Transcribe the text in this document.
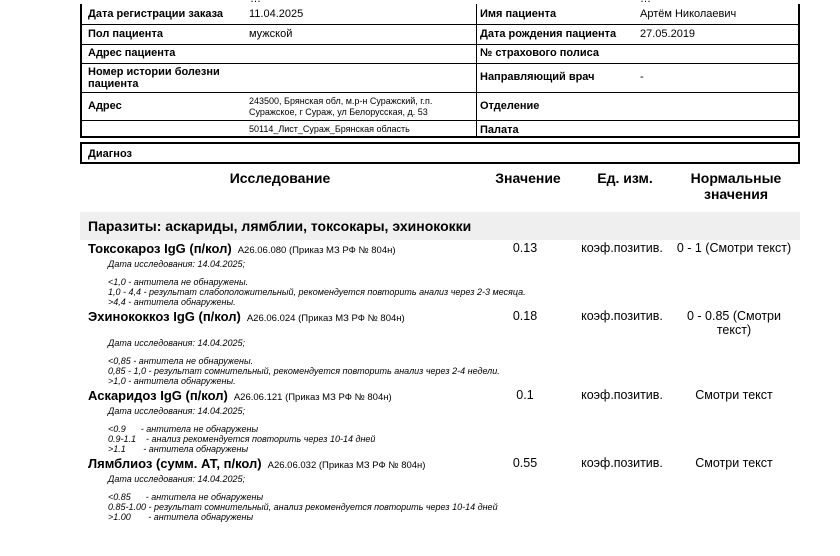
Дата регистрации заказа 11.04.2025	Имя пациента	Артём Николаевич
Пол пациента	мужской	Дата рождения пациента 27.05.2019
Адрес пациента	№ страхового полиса
Номер истории болезни
пациента
Направляющий врач	-
Адрес	243500, Брянская обл, м.р-н Суражский, г.п.
Суражское, г Сураж, ул Белорусская, д. 53	Отделение
50114_Лист_Сураж_Брянская область	Палата
Диагноз
Исследование	Значение	Ед. изм.	Нормальные
значения
Паразиты: аскариды, лямблии, токсокары, эхинококки
Токсокароз IgG (п/кол) A26.06.080 (Приказ МЗ РФ № 804н)	0.13	коэф.позитив.	0 - 1 (Смотри текст)
Дата исследования: 14.04.2025;
<1,0 - антитела не обнаружены.
1,0 - 4,4 - результат слабоположительный, рекомендуется повторить анализ через 2-3 месяца.
>4,4 - антитела обнаружены.
Эхинококкоз IgG (п/кол) A26.06.024 (Приказ МЗ РФ № 804н)	0.18	коэф.позитив.	0 - 0.85 (Смотри
текст)
Дата исследования: 14.04.2025;
<0,85 - антитела не обнаружены.
0,85 - 1,0 - результат сомнительный, рекомендуется повторить анализ через 2-4 недели.
>1,0 - антитела обнаружены.
Аскаридоз IgG (п/кол) A26.06.121 (Приказ МЗ РФ № 804н)	0.1	коэф.позитив.	Смотри текст
Дата исследования: 14.04.2025;
<0.9      - антитела не обнаружены
0.9-1.1    - анализ рекомендуется повторить через 10-14 дней
>1.1       - антитела обнаружены
Лямблиоз (сумм. АТ, п/кол) A26.06.032 (Приказ МЗ РФ № 804н)	0.55	коэф.позитив.	Смотри текст
Дата исследования: 14.04.2025;
<0.85      - антитела не обнаружены
0.85-1.00 - результат сомнительный, анализ рекомендуется повторить через 10-14 дней
>1.00       - антитела обнаружены
